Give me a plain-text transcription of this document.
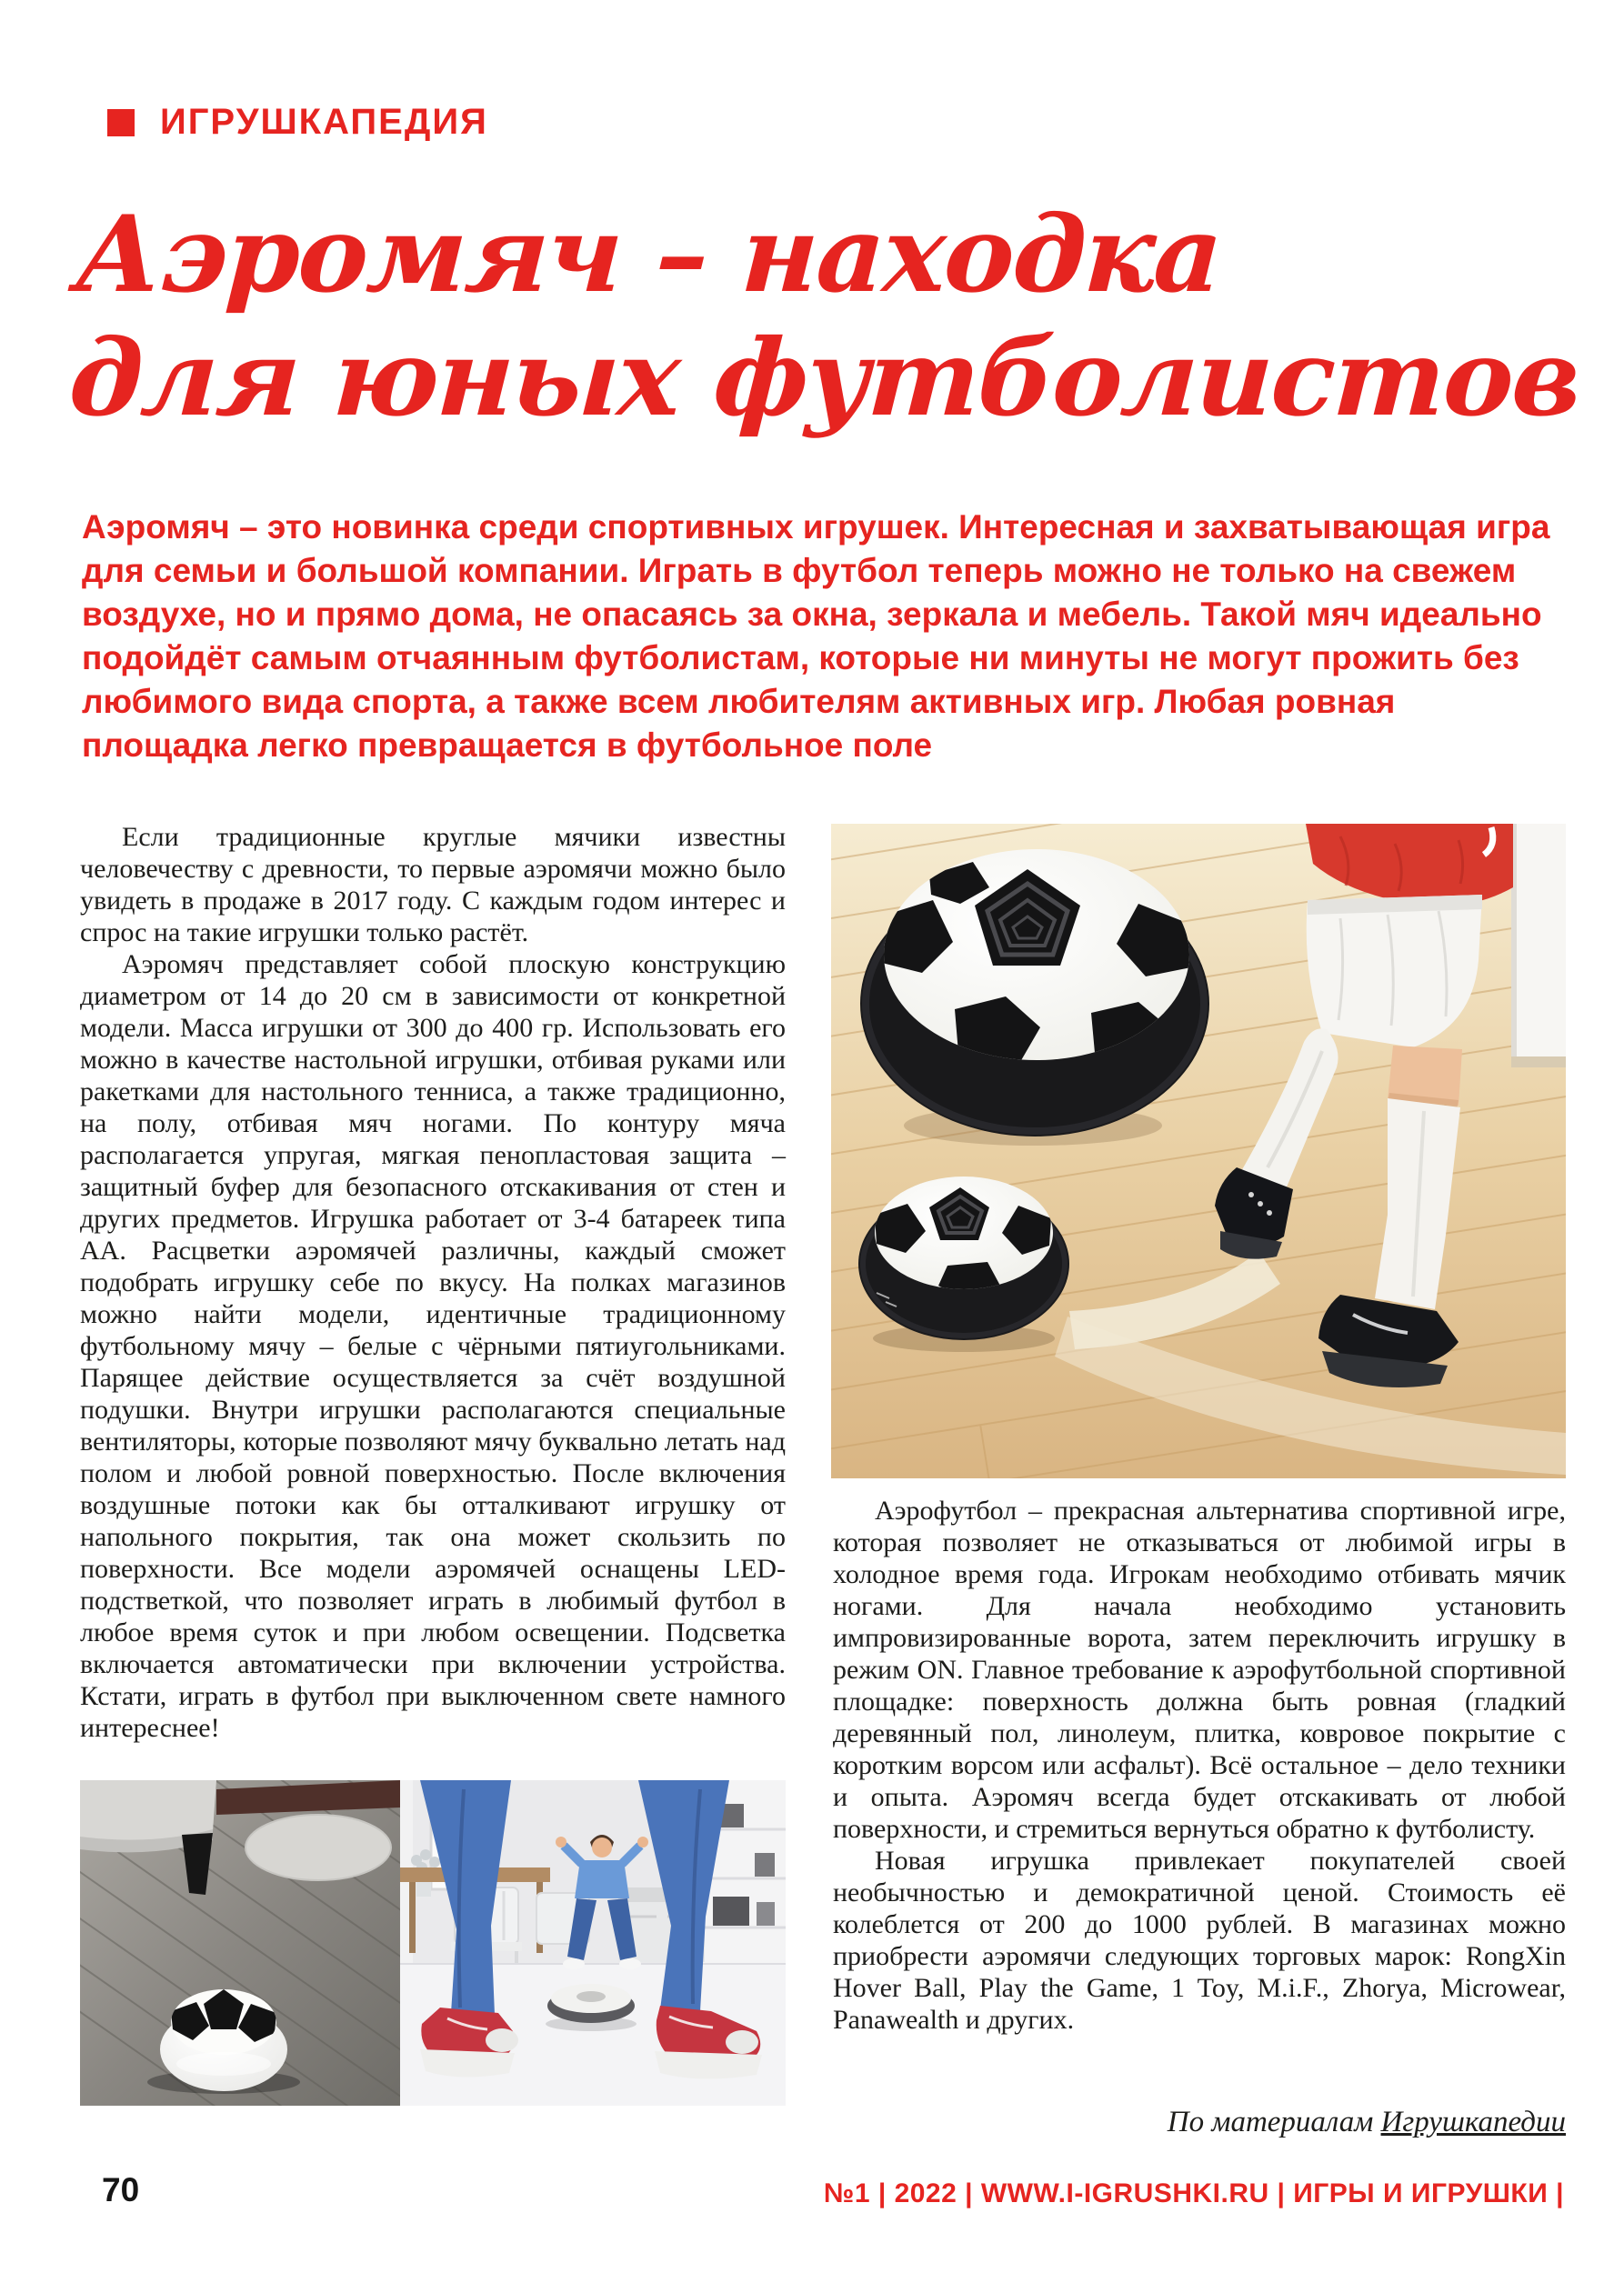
ИГРУШКАПЕДИЯ
Аэромяч – находка
для юных футболистов

Аэромяч – это новинка среди спортивных игрушек. Интересная и захватывающая игра для семьи и большой компании. Играть в футбол теперь можно не только на свежем воздухе, но и прямо дома, не опасаясь за окна, зеркала и мебель. Такой мяч идеально подойдёт самым отчаянным футболистам, которые ни минуты не могут прожить без любимого вида спорта, а также всем любителям активных игр. Любая ровная площадка легко превращается в футбольное поле

Если традиционные круглые мячики известны человечеству с древности, то первые аэромячи можно было увидеть в продаже в 2017 году. С каждым годом интерес и спрос на такие игрушки только растёт.

Аэромяч представляет собой плоскую конструкцию диаметром от 14 до 20 см в зависимости от конкретной модели. Масса игрушки от 300 до 400 гр. Использовать его можно в качестве настольной игрушки, отбивая руками или ракетками для настольного тенниса, а также традиционно, на полу, отбивая мяч ногами. По контуру мяча располагается упругая, мягкая пенопластовая защита – защитный буфер для безопасного отскакивания от стен и других предметов. Игрушка работает от 3-4 батареек типа АА. Расцветки аэромячей различны, каждый сможет подобрать игрушку себе по вкусу. На полках магазинов можно найти модели, идентичные традиционному футбольному мячу – белые с чёрными пятиугольниками. Парящее действие осуществляется за счёт воздушной подушки. Внутри игрушки располагаются специальные вентиляторы, которые позволяют мячу буквально летать над полом и любой ровной поверхностью. После включения воздушные потоки как бы отталкивают игрушку от напольного покрытия, так она может скользить по поверхности. Все модели аэромячей оснащены LED-подстветкой, что позволяет играть в любимый футбол в любое время суток и при любом освещении. Подсветка включается автоматически при включении устройства. Кстати, играть в футбол при выключенном свете намного интереснее!

Аэрофутбол – прекрасная альтернатива спортивной игре, которая позволяет не отказываться от любимой игры в холодное время года. Игрокам необходимо отбивать мячик ногами. Для начала необходимо установить импровизированные ворота, затем переключить игрушку в режим ON. Главное требование к аэрофутбольной спортивной площадке: поверхность должна быть ровная (гладкий деревянный пол, линолеум, плитка, ковровое покрытие с коротким ворсом или асфальт). Всё остальное – дело техники и опыта. Аэромяч всегда будет отскакивать от любой поверхности, и стремиться вернуться обратно к футболисту.

Новая игрушка привлекает покупателей своей необычностью и демократичной ценой. Стоимость её колеблется от 200 до 1000 рублей. В магазинах можно приобрести аэромячи следующих торговых марок: RongXin Hover Ball, Play the Game, 1 Toy, M.i.F., Zhorya, Microwear, Panawealth и других.

По материалам Игрушкапедии

70	№1 | 2022 | WWW.I-IGRUSHKI.RU | ИГРЫ И ИГРУШКИ |
